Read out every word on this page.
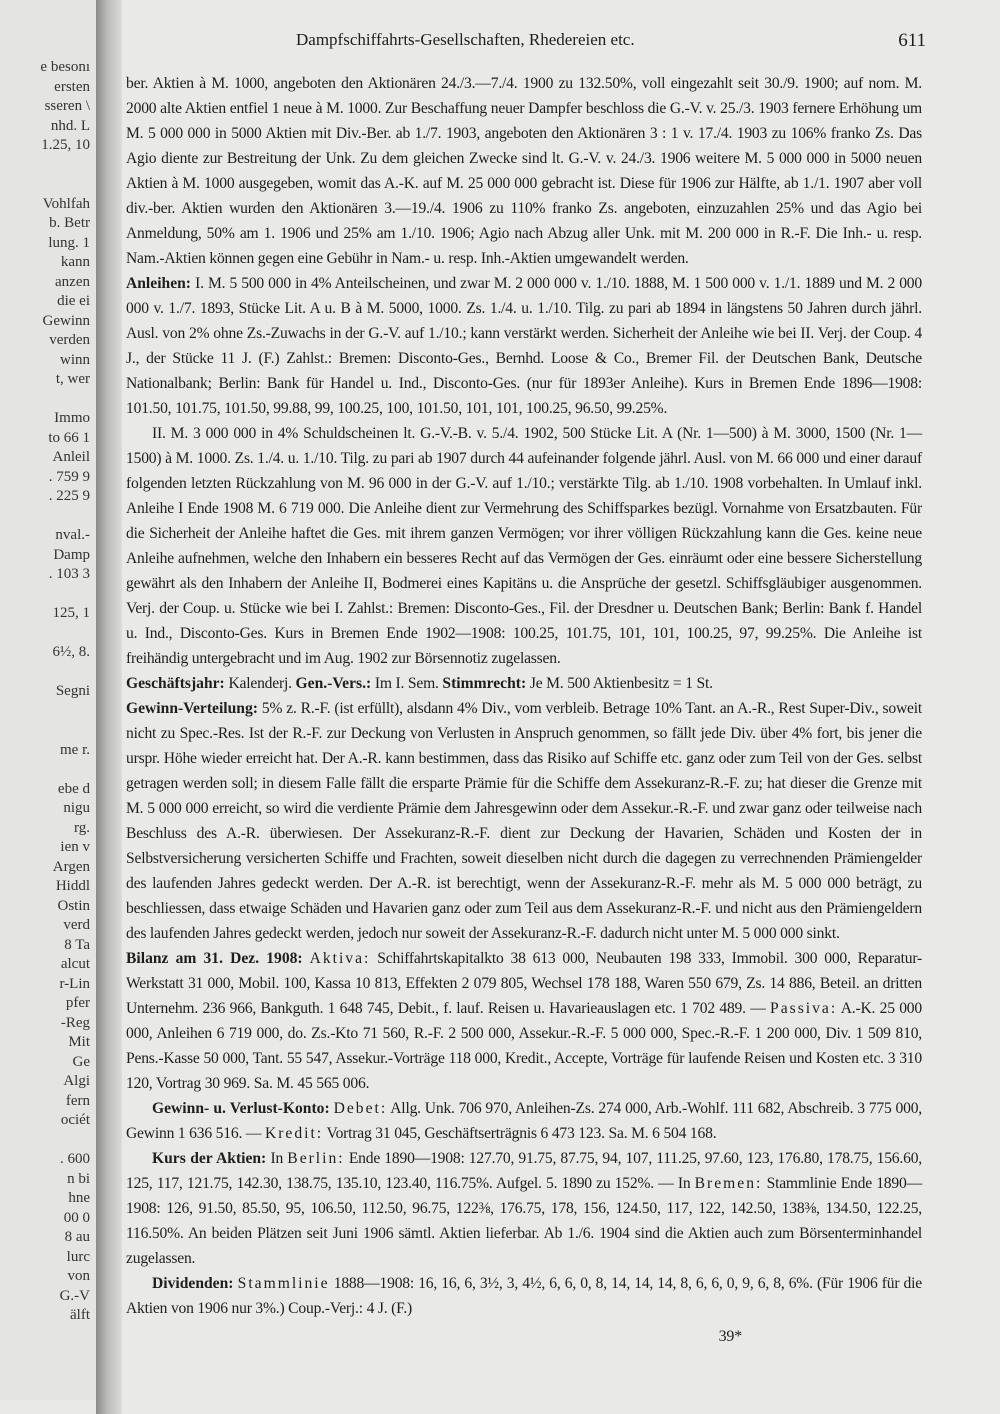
e besonı
ersten
sseren \
nhd. L
1.25, 10

Vohlfah
b. Betr
lung. 1
kann
anzen
die ei
Gewinn
verden
winn
t, wer

Immo
to 66 1
Anleil
. 759 9
. 225 9

nval.-
Damp
. 103 3

125, 1

6½, 8.

Segni

me r.

ebe d
nigu
rg.
ien v
Argen
Hiddl
Ostin
verd
8 Ta
alcut
r-Lin
pfer
-Reg
Mit
Ge
Algi
fern
ociét

. 600
n bi
hne
00 0
8 au
lurc
von
G.-V
älft
Dampfschiffahrts-Gesellschaften, Rhedereien etc.	611

ber. Aktien à M. 1000, angeboten den Aktionären 24./3.—7./4. 1900 zu 132.50%, voll eingezahlt seit 30./9. 1900; auf nom. M. 2000 alte Aktien entfiel 1 neue à M. 1000. Zur Beschaffung neuer Dampfer beschloss die G.-V. v. 25./3. 1903 fernere Erhöhung um M. 5 000 000 in 5000 Aktien mit Div.-Ber. ab 1./7. 1903, angeboten den Aktionären 3 : 1 v. 17./4. 1903 zu 106% franko Zs. Das Agio diente zur Bestreitung der Unk. Zu dem gleichen Zwecke sind lt. G.-V. v. 24./3. 1906 weitere M. 5 000 000 in 5000 neuen Aktien à M. 1000 ausgegeben, womit das A.-K. auf M. 25 000 000 gebracht ist. Diese für 1906 zur Hälfte, ab 1./1. 1907 aber voll div.-ber. Aktien wurden den Aktionären 3.—19./4. 1906 zu 110% franko Zs. angeboten, einzuzahlen 25% und das Agio bei Anmeldung, 50% am 1. 1906 und 25% am 1./10. 1906; Agio nach Abzug aller Unk. mit M. 200 000 in R.-F. Die Inh.- u. resp. Nam.-Aktien können gegen eine Gebühr in Nam.- u. resp. Inh.-Aktien umgewandelt werden.

Anleihen: I. M. 5 500 000 in 4% Anteilscheinen, und zwar M. 2 000 000 v. 1./10. 1888, M. 1 500 000 v. 1./1. 1889 und M. 2 000 000 v. 1./7. 1893, Stücke Lit. A u. B à M. 5000, 1000. Zs. 1./4. u. 1./10. Tilg. zu pari ab 1894 in längstens 50 Jahren durch jährl. Ausl. von 2% ohne Zs.-Zuwachs in der G.-V. auf 1./10.; kann verstärkt werden. Sicherheit der Anleihe wie bei II. Verj. der Coup. 4 J., der Stücke 11 J. (F.) Zahlst.: Bremen: Disconto-Ges., Bernhd. Loose & Co., Bremer Fil. der Deutschen Bank, Deutsche Nationalbank; Berlin: Bank für Handel u. Ind., Disconto-Ges. (nur für 1893er Anleihe). Kurs in Bremen Ende 1896—1908: 101.50, 101.75, 101.50, 99.88, 99, 100.25, 100, 101.50, 101, 101, 100.25, 96.50, 99.25%.

II. M. 3 000 000 in 4% Schuldscheinen lt. G.-V.-B. v. 5./4. 1902, 500 Stücke Lit. A (Nr. 1—500) à M. 3000, 1500 (Nr. 1—1500) à M. 1000. Zs. 1./4. u. 1./10. Tilg. zu pari ab 1907 durch 44 aufeinander folgende jährl. Ausl. von M. 66 000 und einer darauf folgenden letzten Rückzahlung von M. 96 000 in der G.-V. auf 1./10.; verstärkte Tilg. ab 1./10. 1908 vorbehalten. In Umlauf inkl. Anleihe I Ende 1908 M. 6 719 000. Die Anleihe dient zur Vermehrung des Schiffsparkes bezügl. Vornahme von Ersatzbauten. Für die Sicherheit der Anleihe haftet die Ges. mit ihrem ganzen Vermögen; vor ihrer völligen Rückzahlung kann die Ges. keine neue Anleihe aufnehmen, welche den Inhabern ein besseres Recht auf das Vermögen der Ges. einräumt oder eine bessere Sicherstellung gewährt als den Inhabern der Anleihe II, Bodmerei eines Kapitäns u. die Ansprüche der gesetzl. Schiffsgläubiger ausgenommen. Verj. der Coup. u. Stücke wie bei I. Zahlst.: Bremen: Disconto-Ges., Fil. der Dresdner u. Deutschen Bank; Berlin: Bank f. Handel u. Ind., Disconto-Ges. Kurs in Bremen Ende 1902—1908: 100.25, 101.75, 101, 101, 100.25, 97, 99.25%. Die Anleihe ist freihändig untergebracht und im Aug. 1902 zur Börsennotiz zugelassen.

Geschäftsjahr: Kalenderj. Gen.-Vers.: Im I. Sem. Stimmrecht: Je M. 500 Aktienbesitz = 1 St.

Gewinn-Verteilung: 5% z. R.-F. (ist erfüllt), alsdann 4% Div., vom verbleib. Betrage 10% Tant. an A.-R., Rest Super-Div., soweit nicht zu Spec.-Res. Ist der R.-F. zur Deckung von Verlusten in Anspruch genommen, so fällt jede Div. über 4% fort, bis jener die urspr. Höhe wieder erreicht hat. Der A.-R. kann bestimmen, dass das Risiko auf Schiffe etc. ganz oder zum Teil von der Ges. selbst getragen werden soll; in diesem Falle fällt die ersparte Prämie für die Schiffe dem Assekuranz-R.-F. zu; hat dieser die Grenze mit M. 5 000 000 erreicht, so wird die verdiente Prämie dem Jahresgewinn oder dem Assekur.-R.-F. und zwar ganz oder teilweise nach Beschluss des A.-R. überwiesen. Der Assekuranz-R.-F. dient zur Deckung der Havarien, Schäden und Kosten der in Selbstversicherung versicherten Schiffe und Frachten, soweit dieselben nicht durch die dagegen zu verrechnenden Prämiengelder des laufenden Jahres gedeckt werden. Der A.-R. ist berechtigt, wenn der Assekuranz-R.-F. mehr als M. 5 000 000 beträgt, zu beschliessen, dass etwaige Schäden und Havarien ganz oder zum Teil aus dem Assekuranz-R.-F. und nicht aus den Prämiengeldern des laufenden Jahres gedeckt werden, jedoch nur soweit der Assekuranz-R.-F. dadurch nicht unter M. 5 000 000 sinkt.

Bilanz am 31. Dez. 1908: Aktiva: Schiffahrtskapitalkto 38 613 000, Neubauten 198 333, Immobil. 300 000, Reparatur-Werkstatt 31 000, Mobil. 100, Kassa 10 813, Effekten 2 079 805, Wechsel 178 188, Waren 550 679, Zs. 14 886, Beteil. an dritten Unternehm. 236 966, Bankguth. 1 648 745, Debit., f. lauf. Reisen u. Havarieauslagen etc. 1 702 489. — Passiva: A.-K. 25 000 000, Anleihen 6 719 000, do. Zs.-Kto 71 560, R.-F. 2 500 000, Assekur.-R.-F. 5 000 000, Spec.-R.-F. 1 200 000, Div. 1 509 810, Pens.-Kasse 50 000, Tant. 55 547, Assekur.-Vorträge 118 000, Kredit., Accepte, Vorträge für laufende Reisen und Kosten etc. 3 310 120, Vortrag 30 969. Sa. M. 45 565 006.

Gewinn- u. Verlust-Konto: Debet: Allg. Unk. 706 970, Anleihen-Zs. 274 000, Arb.-Wohlf. 111 682, Abschreib. 3 775 000, Gewinn 1 636 516. — Kredit: Vortrag 31 045, Geschäftserträgnis 6 473 123. Sa. M. 6 504 168.

Kurs der Aktien: In Berlin: Ende 1890—1908: 127.70, 91.75, 87.75, 94, 107, 111.25, 97.60, 123, 176.80, 178.75, 156.60, 125, 117, 121.75, 142.30, 138.75, 135.10, 123.40, 116.75%. Aufgel. 5. 1890 zu 152%. — In Bremen: Stammlinie Ende 1890—1908: 126, 91.50, 85.50, 95, 106.50, 112.50, 96.75, 122⅜, 176.75, 178, 156, 124.50, 117, 122, 142.50, 138⅜, 134.50, 122.25, 116.50%. An beiden Plätzen seit Juni 1906 sämtl. Aktien lieferbar. Ab 1./6. 1904 sind die Aktien auch zum Börsenterminhandel zugelassen.

Dividenden: Stammlinie 1888—1908: 16, 16, 6, 3½, 3, 4½, 6, 6, 0, 8, 14, 14, 14, 8, 6, 6, 0, 9, 6, 8, 6%. (Für 1906 für die Aktien von 1906 nur 3%.) Coup.-Verj.: 4 J. (F.)

39*
